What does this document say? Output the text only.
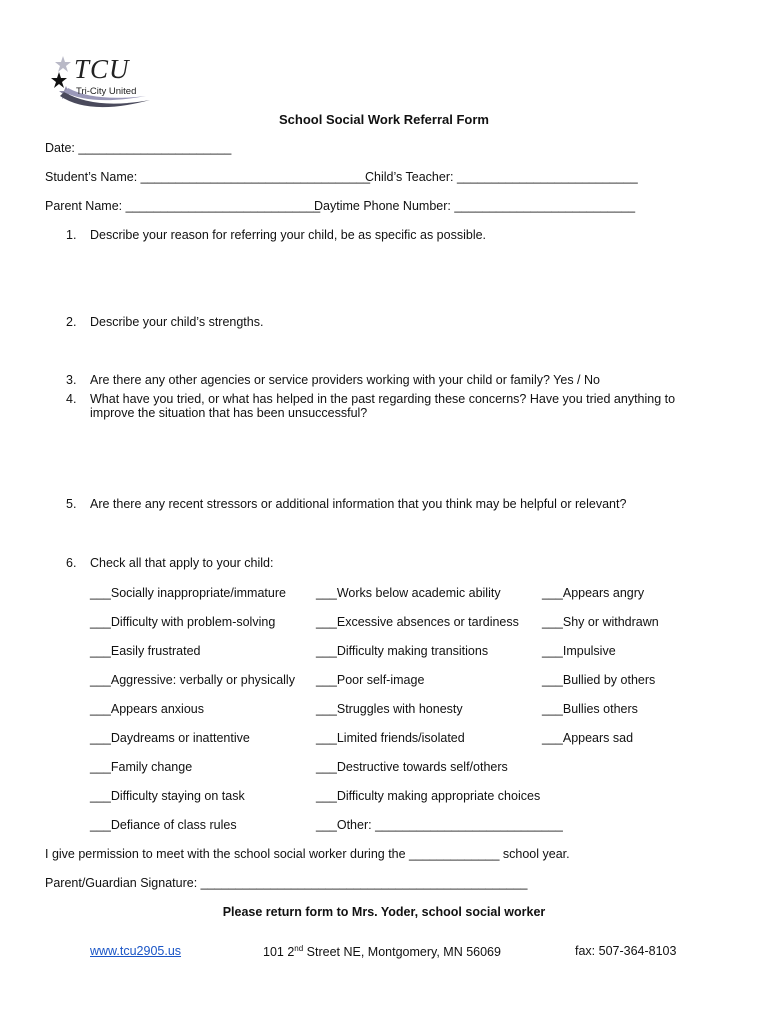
TCU
Tri-City United
School Social Work Referral Form
Date: ______________________
Student’s Name: _________________________________
Child’s Teacher: __________________________
Parent Name: ____________________________
Daytime Phone Number: __________________________
1. Describe your reason for referring your child, be as specific as possible.
2. Describe your child’s strengths.
3. Are there any other agencies or service providers working with your child or family? Yes / No
4. What have you tried, or what has helped in the past regarding these concerns? Have you tried anything to
improve the situation that has been unsuccessful?
5. Are there any recent stressors or additional information that you think may be helpful or relevant?
6. Check all that apply to your child:
___Socially inappropriate/immature
___Difficulty with problem-solving
___Easily frustrated
___Aggressive: verbally or physically
___Appears anxious
___Daydreams or inattentive
___Family change
___Difficulty staying on task
___Defiance of class rules
___Works below academic ability
___Excessive absences or tardiness
___Difficulty making transitions
___Poor self-image
___Struggles with honesty
___Limited friends/isolated
___Destructive towards self/others
___Difficulty making appropriate choices
___Other: ___________________________
___Appears angry
___Shy or withdrawn
___Impulsive
___Bullied by others
___Bullies others
___Appears sad
I give permission to meet with the school social worker during the _____________ school year.
Parent/Guardian Signature: _______________________________________________
Please return form to Mrs. Yoder, school social worker
www.tcu2905.us	101 2nd Street NE, Montgomery, MN 56069	fax: 507-364-8103
